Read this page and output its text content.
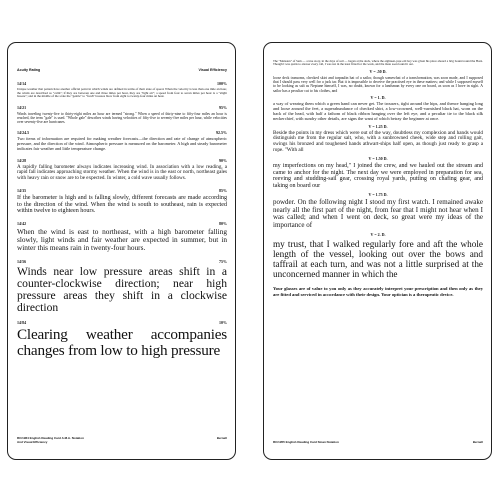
Acuity Rating	Visual Efficiency
14/14	100%

Unique weather that pattern have another official point in which winds are defined in terms of their state of speed. When the velocity is less than one mile an hour, the winds are described as "calm"; if they are between one and three miles per hour, they are "light air"; a speed from four to seven miles per hour is a "slight breeze"; and in the middle of the scale the "gentle" to "fresh" breezes blow from eight to twenty-four miles an hour.

14/21	95%

Winds traveling twenty-five to thirty-eight miles an hour are termed "strong." When a speed of thirty-nine to fifty-four miles an hour is reached, the term "gale" is used. "Whole gale" describes winds having velocities of fifty-five to seventy-five miles per hour, while velocities over seventy-five are hurricanes.

14/24.5	92.5%

Two items of information are required for making weather forecasts—the direction and rate of change of atmospheric pressure, and the direction of the wind. Atmospheric pressure is measured on the barometer. A high and steady barometer indicates fair weather and little temperature change.

14/28	90%

A rapidly falling barometer always indicates increasing wind. In association with a low reading, a rapid fall indicates approaching stormy weather. When the wind is in the east or north, northeast gales with heavy rain or snow are to be expected. In winter, a cold wave usually follows.

14/35	85%

If the barometer is high and is falling slowly, different forecasts are made according to the direction of the wind. When the wind is south to southeast, rain is expected within twelve to eighteen hours.

14/42	80%

When the wind is east to northeast, with a high barometer falling slowly, light winds and fair weather are expected in summer, but in winter this means rain in twenty-four hours.

14/56	75%

Winds near low pressure areas shift in a counter-clockwise direction; near high pressure areas they shift in a clockwise direction

14/84	10%

Clearing weather accompanies changes from low to high pressure

RC/1964 English Reading Card A.M.A. Notation
And Visual Efficiency
Bernell

The "Mansion" of Sam — a true story, in the days of sail — began at the dock, where the eighteen-year-old boy was given his place aboard a brig bound round the Horn. Though I was quick to answer every call, I was not in the least fitted for the work, and the mate soon found it out.

V = .50 D.

loose deck transoms, checked skirt and tarpaulin hat of a sailor, though somewhat of a transformation, was soon made, and I supposed that I should pass very well for a jack tar. But it is impossible to deceive the practised eye in these matters; and while I supposed myself to be looking as salt as Neptune himself, I was, no doubt, known for a landsman by every one on board, as soon as I hove in sight. A sailor has a peculiar cut to his clothes, and

V = 1. D.

a way of wearing them which a green hand can never get. The trousers, tight around the hips, and thence hanging long and loose around the feet, a superabundance of checked shirt, a low-crowned, well-varnished black hat, worn on the back of the head, with half a fathom of black ribbon hanging over the left eye, and a peculiar tie to the black silk neckerchief, with sundry other details, are signs the want of which betray the beginner at once.

V = 1.25 D.

Beside the points in my dress which were out of the way, doubtless my complexion and hands would distinguish me from the regular salt, who, with a sunbrowned cheek, wide step and rolling gait, swings his bronzed and toughened hands athwart-ships half open, as though just ready to grasp a rope. "With all

V = 1.50 D.

my imperfections on my head," I joined the crew, and we hauled out the stream and came to anchor for the night. The next day we were employed in preparation for sea, reeving and studding-sail gear, crossing royal yards, putting on chafing gear, and taking on board our

V = 1.75 D.

powder. On the following night I stood my first watch. I remained awake nearly all the first part of the night, from fear that I might not hear when I was called; and when I went on deck, so great were my ideas of the importance of

V = 2. D.

my trust, that I walked regularly fore and aft the whole length of the vessel, looking out over the bows and taffrail at each turn, and was not a little surprised at the unconcerned manner in which the

Your glasses are of value to you only as they accurately interpret your prescription and then only as they are fitted and serviced in accordance with their design. Your optician is a therapeutic device.

RC/1955 English Reading Card Sloan Notation	Bernell
